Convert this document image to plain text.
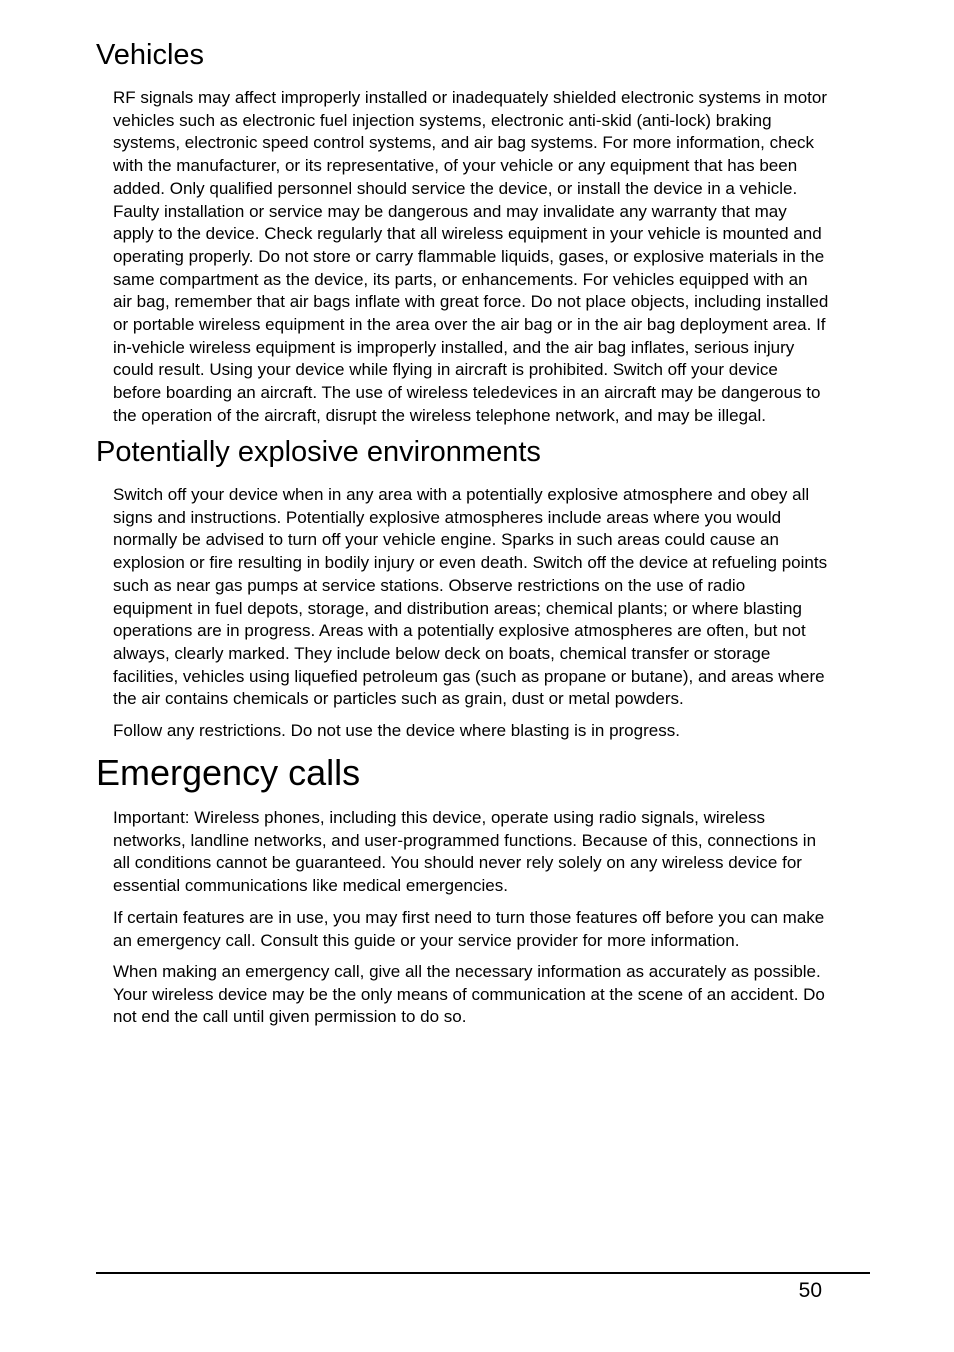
Vehicles
RF signals may affect improperly installed or inadequately shielded electronic systems in motor
vehicles such as electronic fuel injection systems, electronic anti-skid (anti-lock) braking
systems, electronic speed control systems, and air bag systems. For more information, check
with the manufacturer, or its representative, of your vehicle or any equipment that has been
added. Only qualified personnel should service the device, or install the device in a vehicle.
Faulty installation or service may be dangerous and may invalidate any warranty that may
apply to the device. Check regularly that all wireless equipment in your vehicle is mounted and
operating properly. Do not store or carry flammable liquids, gases, or explosive materials in the
same compartment as the device, its parts, or enhancements. For vehicles equipped with an
air bag, remember that air bags inflate with great force. Do not place objects, including installed
or portable wireless equipment in the area over the air bag or in the air bag deployment area. If
in-vehicle wireless equipment is improperly installed, and the air bag inflates, serious injury
could result. Using your device while flying in aircraft is prohibited. Switch off your device
before boarding an aircraft. The use of wireless teledevices in an aircraft may be dangerous to
the operation of the aircraft, disrupt the wireless telephone network, and may be illegal.
Potentially explosive environments
Switch off your device when in any area with a potentially explosive atmosphere and obey all
signs and instructions. Potentially explosive atmospheres include areas where you would
normally be advised to turn off your vehicle engine. Sparks in such areas could cause an
explosion or fire resulting in bodily injury or even death. Switch off the device at refueling points
such as near gas pumps at service stations. Observe restrictions on the use of radio
equipment in fuel depots, storage, and distribution areas; chemical plants; or where blasting
operations are in progress. Areas with a potentially explosive atmospheres are often, but not
always, clearly marked. They include below deck on boats, chemical transfer or storage
facilities, vehicles using liquefied petroleum gas (such as propane or butane), and areas where
the air contains chemicals or particles such as grain, dust or metal powders.
Follow any restrictions. Do not use the device where blasting is in progress.
Emergency calls
Important: Wireless phones, including this device, operate using radio signals, wireless
networks, landline networks, and user-programmed functions. Because of this, connections in
all conditions cannot be guaranteed. You should never rely solely on any wireless device for
essential communications like medical emergencies.
If certain features are in use, you may first need to turn those features off before you can make
an emergency call. Consult this guide or your service provider for more information.
When making an emergency call, give all the necessary information as accurately as possible.
Your wireless device may be the only means of communication at the scene of an accident. Do
not end the call until given permission to do so.
50
